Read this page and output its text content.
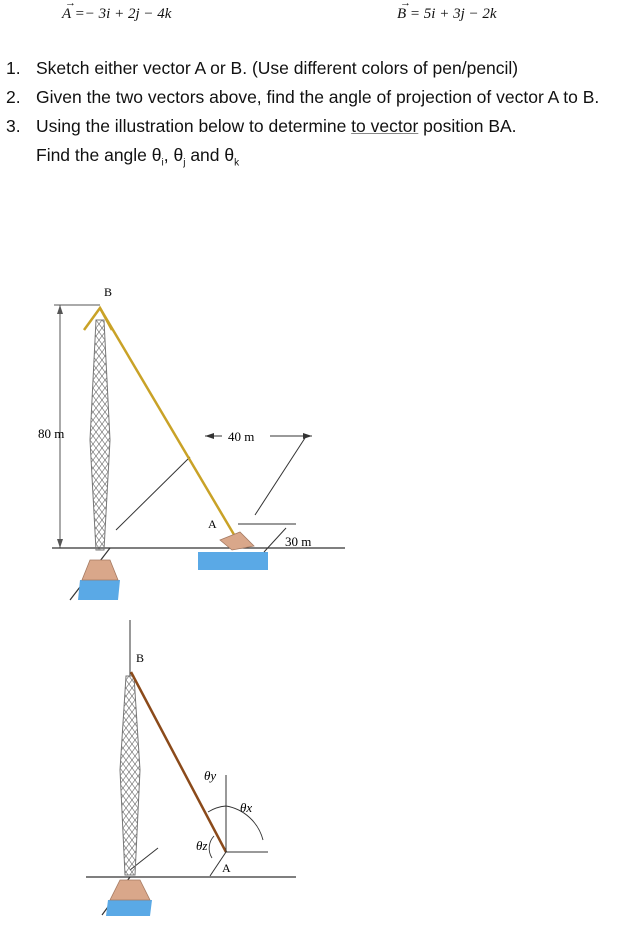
→
A =− 3i + 2j − 4k
→
B = 5i + 3j − 2k
1. Sketch either vector A or B. (Use different colors of pen/pencil)
2. Given the two vectors above, find the angle of projection of vector A to B.
3. Using the illustration below to determine to vector position BA.
Find the angle $\theta_i$, $\theta_j$ and $\theta_k$
80 m	40 m
30 m
B
A
B
A
θy
θx
θz
